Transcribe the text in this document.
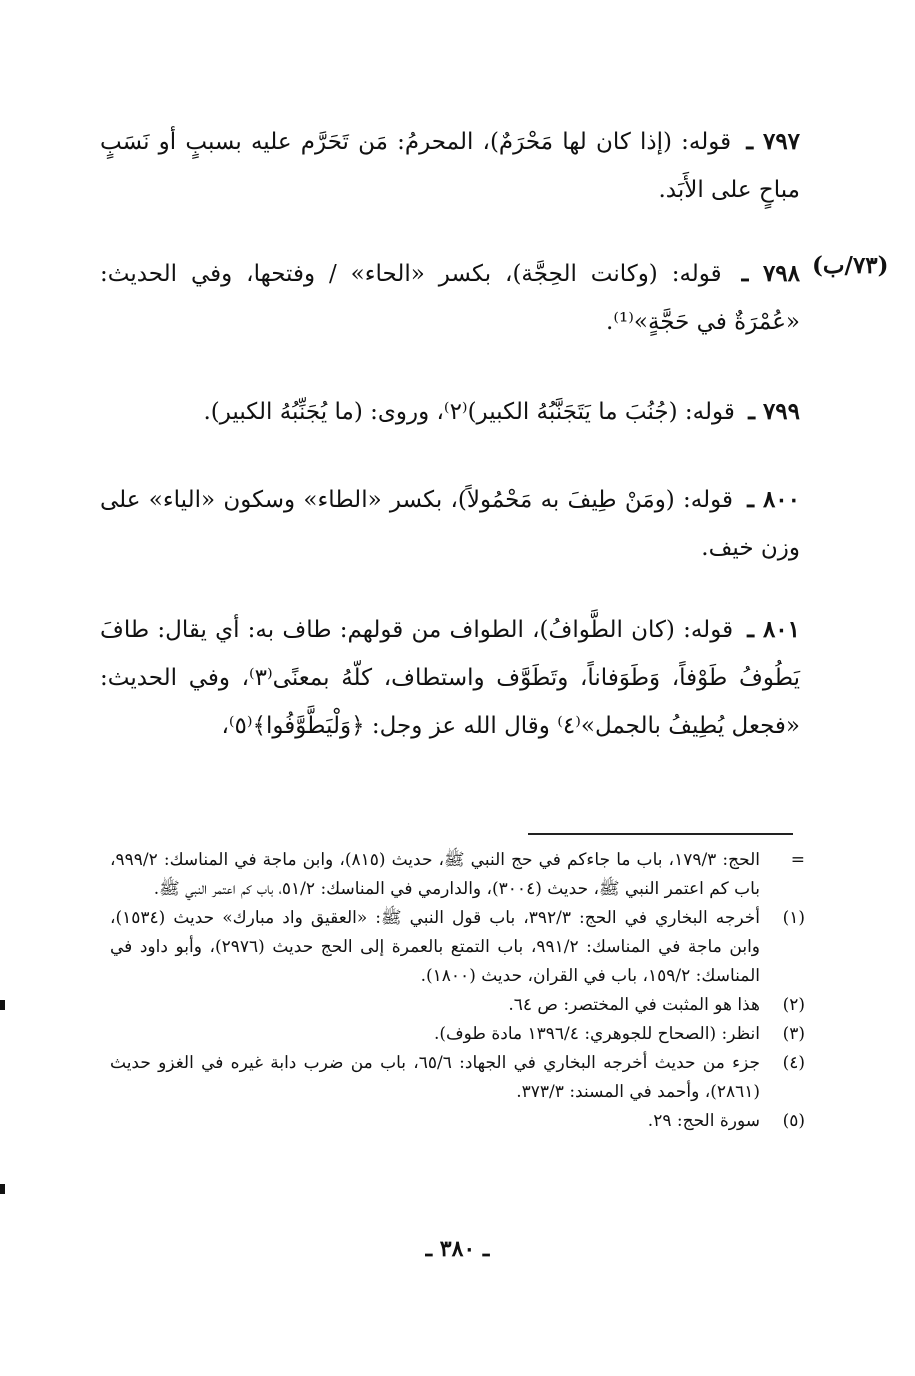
(٧٣/ب)
٧٩٧ ـ قوله: (إذا كان لها مَحْرَمٌ)، المحرمُ: مَن تَحَرَّم عليه بسببٍ أو نَسَبٍ مباحٍ على الأَبَد.
٧٩٨ ـ قوله: (وكانت الحِجَّة)، بكسر «الحاء» / وفتحها، وفي الحديث: «عُمْرَةٌ في حَجَّةٍ»⁽¹⁾.
٧٩٩ ـ قوله: (جُنُبَ ما يَتَجَنَّبُهُ الكبير)⁽٢⁾، وروى: (ما يُجَنِّبُهُ الكبير).
٨٠٠ ـ قوله: (ومَنْ طِيفَ به مَحْمُولاً)، بكسر «الطاء» وسكون «الياء» على وزن خيف.
٨٠١ ـ قوله: (كان الطَّوافُ)، الطواف من قولهم: طاف به: أي يقال: طافَ يَطُوفُ طَوْفاً، وَطَوَفاناً، وتَطَوَّف واستطاف، كلّهُ بمعنًى⁽٣⁾، وفي الحديث: «فجعل يُطِيفُ بالجمل»⁽٤⁾ وقال الله عز وجل: ﴿وَلْيَطَّوَّفُوا﴾⁽٥⁾،

=
الحج: ١٧٩/٣، باب ما جاءكم في حج النبي ﷺ، حديث (٨١٥)، وابن ماجة في المناسك: ٩٩٩/٢، باب كم اعتمر النبي ﷺ، حديث (٣٠٠٤)، والدارمي في المناسك: ٥١/٢، باب كم اعتمر النبي ﷺ.

(١)
أخرجه البخاري في الحج: ٣٩٢/٣، باب قول النبي ﷺ: «العقيق واد مبارك» حديث (١٥٣٤)، وابن ماجة في المناسك: ٩٩١/٢، باب التمتع بالعمرة إلى الحج حديث (٢٩٧٦)، وأبو داود في المناسك: ١٥٩/٢، باب في القران، حديث (١٨٠٠).

(٢)
هذا هو المثبت في المختصر: ص ٦٤.

(٣)
انظر: (الصحاح للجوهري: ١٣٩٦/٤ مادة طوف).

(٤)
جزء من حديث أخرجه البخاري في الجهاد: ٦٥/٦، باب من ضرب دابة غيره في الغزو حديث (٢٨٦١)، وأحمد في المسند: ٣٧٣/٣.

(٥)
سورة الحج: ٢٩.

ـ ٣٨٠ ـ
